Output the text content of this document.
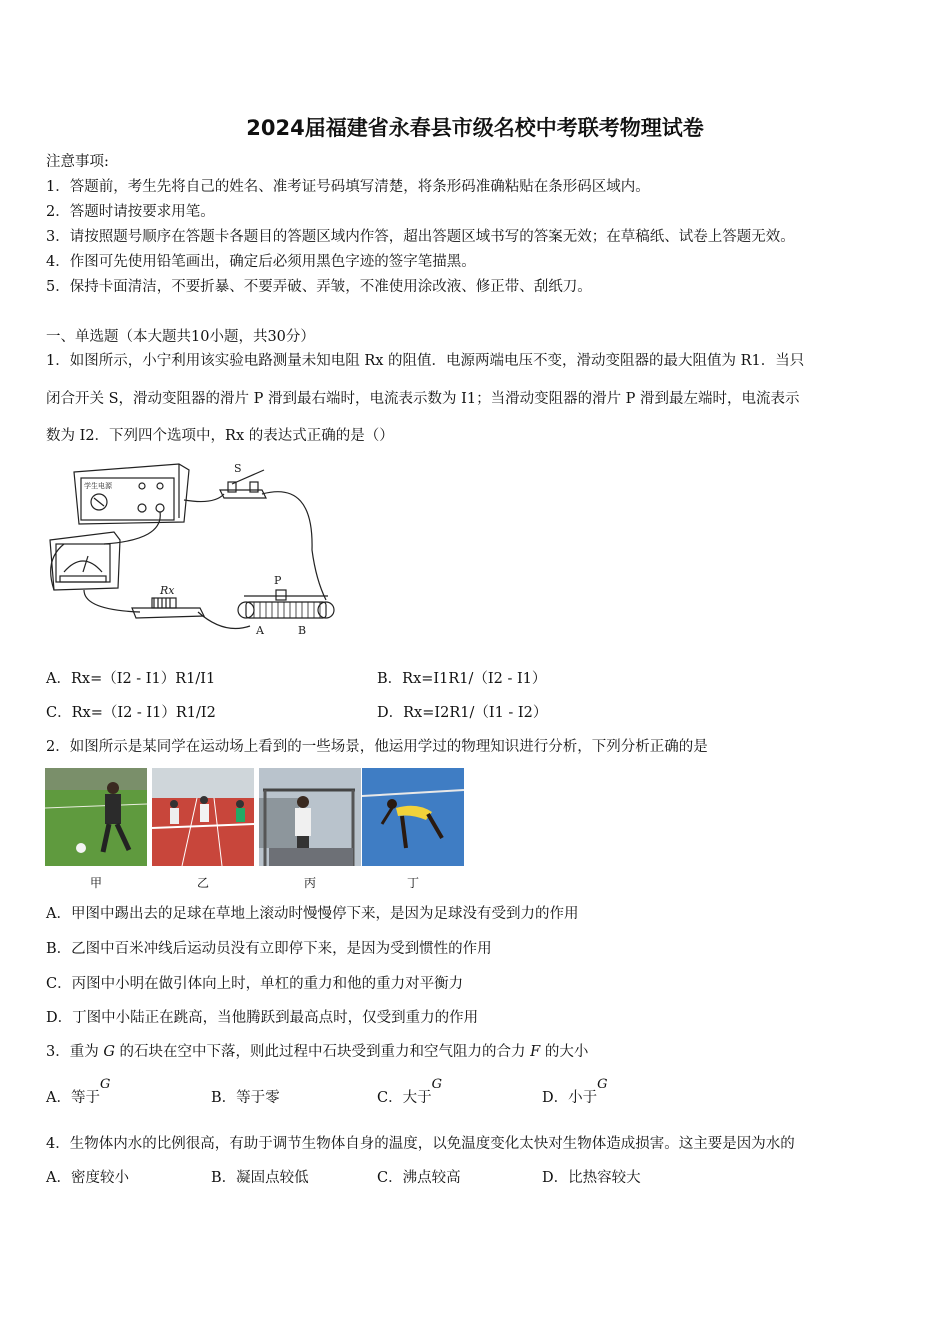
2024届福建省永春县市级名校中考联考物理试卷
注意事项:
1．答题前，考生先将自己的姓名、准考证号码填写清楚，将条形码准确粘贴在条形码区域内。
2．答题时请按要求用笔。
3．请按照题号顺序在答题卡各题目的答题区域内作答，超出答题区域书写的答案无效；在草稿纸、试卷上答题无效。
4．作图可先使用铅笔画出，确定后必须用黑色字迹的签字笔描黑。
5．保持卡面清洁，不要折暴、不要弄破、弄皱，不准使用涂改液、修正带、刮纸刀。
一、单选题（本大题共10小题，共30分）
1．如图所示，小宁利用该实验电路测量未知电阻 Rx 的阻值．电源两端电压不变，滑动变阻器的最大阻值为 R1．当只
闭合开关 S，滑动变阻器的滑片 P 滑到最右端时，电流表示数为 I1；当滑动变阻器的滑片 P 滑到最左端时，电流表示
数为 I2．下列四个选项中，Rx 的表达式正确的是（）
S
Rx
P
A	B
学生电源
A．Rx=（I2 - I1）R1/I1	B．Rx=I1R1/（I2 - I1）
C．Rx=（I2 - I1）R1/I2	D．Rx=I2R1/（I1 - I2）
2．如图所示是某同学在运动场上看到的一些场景，他运用学过的物理知识进行分析，下列分析正确的是
甲	乙	丙	丁
A．甲图中踢出去的足球在草地上滚动时慢慢停下来，是因为足球没有受到力的作用
B．乙图中百米冲线后运动员没有立即停下来，是因为受到惯性的作用
C．丙图中小明在做引体向上时，单杠的重力和他的重力对平衡力
D．丁图中小陆正在跳高，当他腾跃到最高点时，仅受到重力的作用
3．重为 G 的石块在空中下落，则此过程中石块受到重力和空气阻力的合力 F 的大小
A．等于G
B．等于零	C．大于G
D．小于G
4．生物体内水的比例很高，有助于调节生物体自身的温度，以免温度变化太快对生物体造成损害。这主要是因为水的
A．密度较小	B．凝固点较低	C．沸点较高	D．比热容较大
